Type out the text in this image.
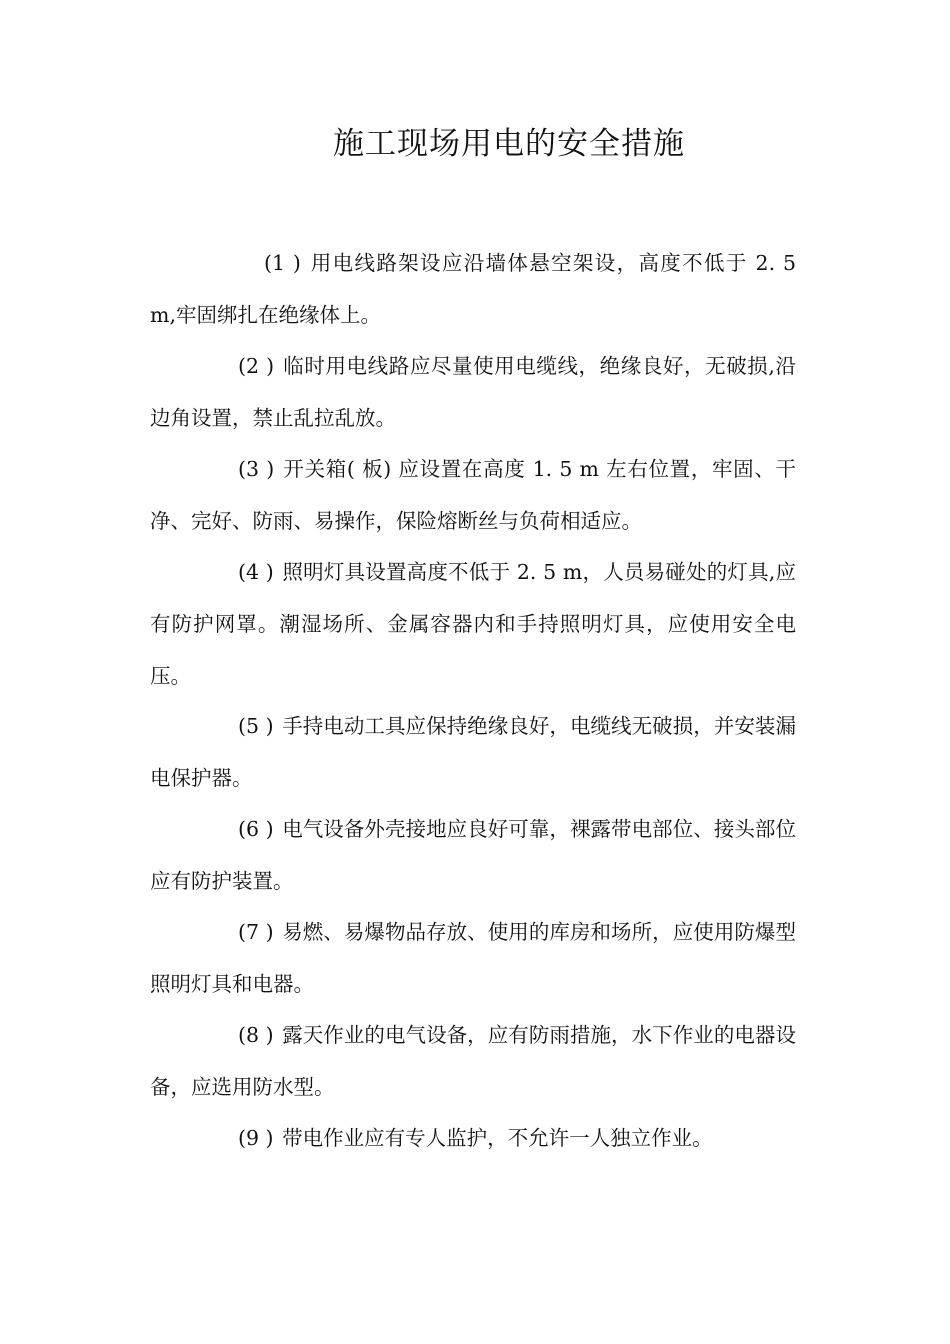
施工现场用电的安全措施

(1 ) 用电线路架设应沿墙体悬空架设，高度不低于 2. 5 m,牢固绑扎在绝缘体上。

(2 ) 临时用电线路应尽量使用电缆线，绝缘良好，无破损,沿边角设置，禁止乱拉乱放。

(3 ) 开关箱( 板) 应设置在高度 1. 5 m 左右位置，牢固、干净、完好、防雨、易操作，保险熔断丝与负荷相适应。

(4 ) 照明灯具设置高度不低于 2. 5 m，人员易碰处的灯具,应有防护网罩。潮湿场所、金属容器内和手持照明灯具，应使用安全电压。

(5 ) 手持电动工具应保持绝缘良好，电缆线无破损，并安装漏电保护器。

(6 ) 电气设备外壳接地应良好可靠，裸露带电部位、接头部位应有防护装置。

(7 ) 易燃、易爆物品存放、使用的库房和场所，应使用防爆型照明灯具和电器。

(8 ) 露天作业的电气设备，应有防雨措施，水下作业的电器设备，应选用防水型。

(9 ) 带电作业应有专人监护，不允许一人独立作业。
